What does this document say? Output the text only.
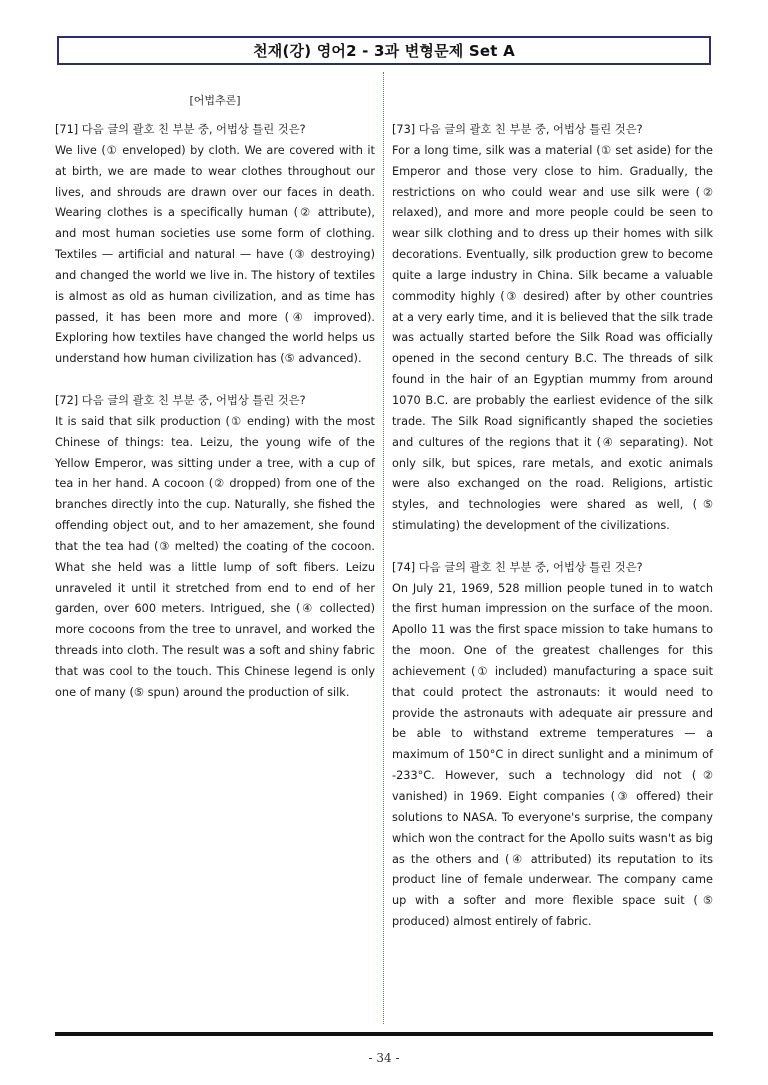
천재(강) 영어2 - 3과 변형문제 Set A
[어법추론]
[71] 다음 글의 괄호 친 부분 중, 어법상 틀린 것은?
We live (① enveloped) by cloth. We are covered with it at birth, we are made to wear clothes throughout our lives, and shrouds are drawn over our faces in death. Wearing clothes is a specifically human (② attribute), and most human societies use some form of clothing. Textiles — artificial and natural — have (③ destroying) and changed the world we live in. The history of textiles is almost as old as human civilization, and as time has passed, it has been more and more (④ improved). Exploring how textiles have changed the world helps us understand how human civilization has (⑤ advanced).
[72] 다음 글의 괄호 친 부분 중, 어법상 틀린 것은?
It is said that silk production (① ending) with the most Chinese of things: tea. Leizu, the young wife of the Yellow Emperor, was sitting under a tree, with a cup of tea in her hand. A cocoon (② dropped) from one of the branches directly into the cup. Naturally, she fished the offending object out, and to her amazement, she found that the tea had (③ melted) the coating of the cocoon. What she held was a little lump of soft fibers. Leizu unraveled it until it stretched from end to end of her garden, over 600 meters. Intrigued, she (④ collected) more cocoons from the tree to unravel, and worked the threads into cloth. The result was a soft and shiny fabric that was cool to the touch. This Chinese legend is only one of many (⑤ spun) around the production of silk.
[73] 다음 글의 괄호 친 부분 중, 어법상 틀린 것은?
For a long time, silk was a material (① set aside) for the Emperor and those very close to him. Gradually, the restrictions on who could wear and use silk were (② relaxed), and more and more people could be seen to wear silk clothing and to dress up their homes with silk decorations. Eventually, silk production grew to become quite a large industry in China. Silk became a valuable commodity highly (③ desired) after by other countries at a very early time, and it is believed that the silk trade was actually started before the Silk Road was officially opened in the second century B.C. The threads of silk found in the hair of an Egyptian mummy from around 1070 B.C. are probably the earliest evidence of the silk trade. The Silk Road significantly shaped the societies and cultures of the regions that it (④ separating). Not only silk, but spices, rare metals, and exotic animals were also exchanged on the road. Religions, artistic styles, and technologies were shared as well, (⑤ stimulating) the development of the civilizations.
[74] 다음 글의 괄호 친 부분 중, 어법상 틀린 것은?
On July 21, 1969, 528 million people tuned in to watch the first human impression on the surface of the moon. Apollo 11 was the first space mission to take humans to the moon. One of the greatest challenges for this achievement (① included) manufacturing a space suit that could protect the astronauts: it would need to provide the astronauts with adequate air pressure and be able to withstand extreme temperatures — a maximum of 150°C in direct sunlight and a minimum of -233°C. However, such a technology did not (② vanished) in 1969. Eight companies (③ offered) their solutions to NASA. To everyone's surprise, the company which won the contract for the Apollo suits wasn't as big as the others and (④ attributed) its reputation to its product line of female underwear. The company came up with a softer and more flexible space suit (⑤ produced) almost entirely of fabric.
- 34 -
